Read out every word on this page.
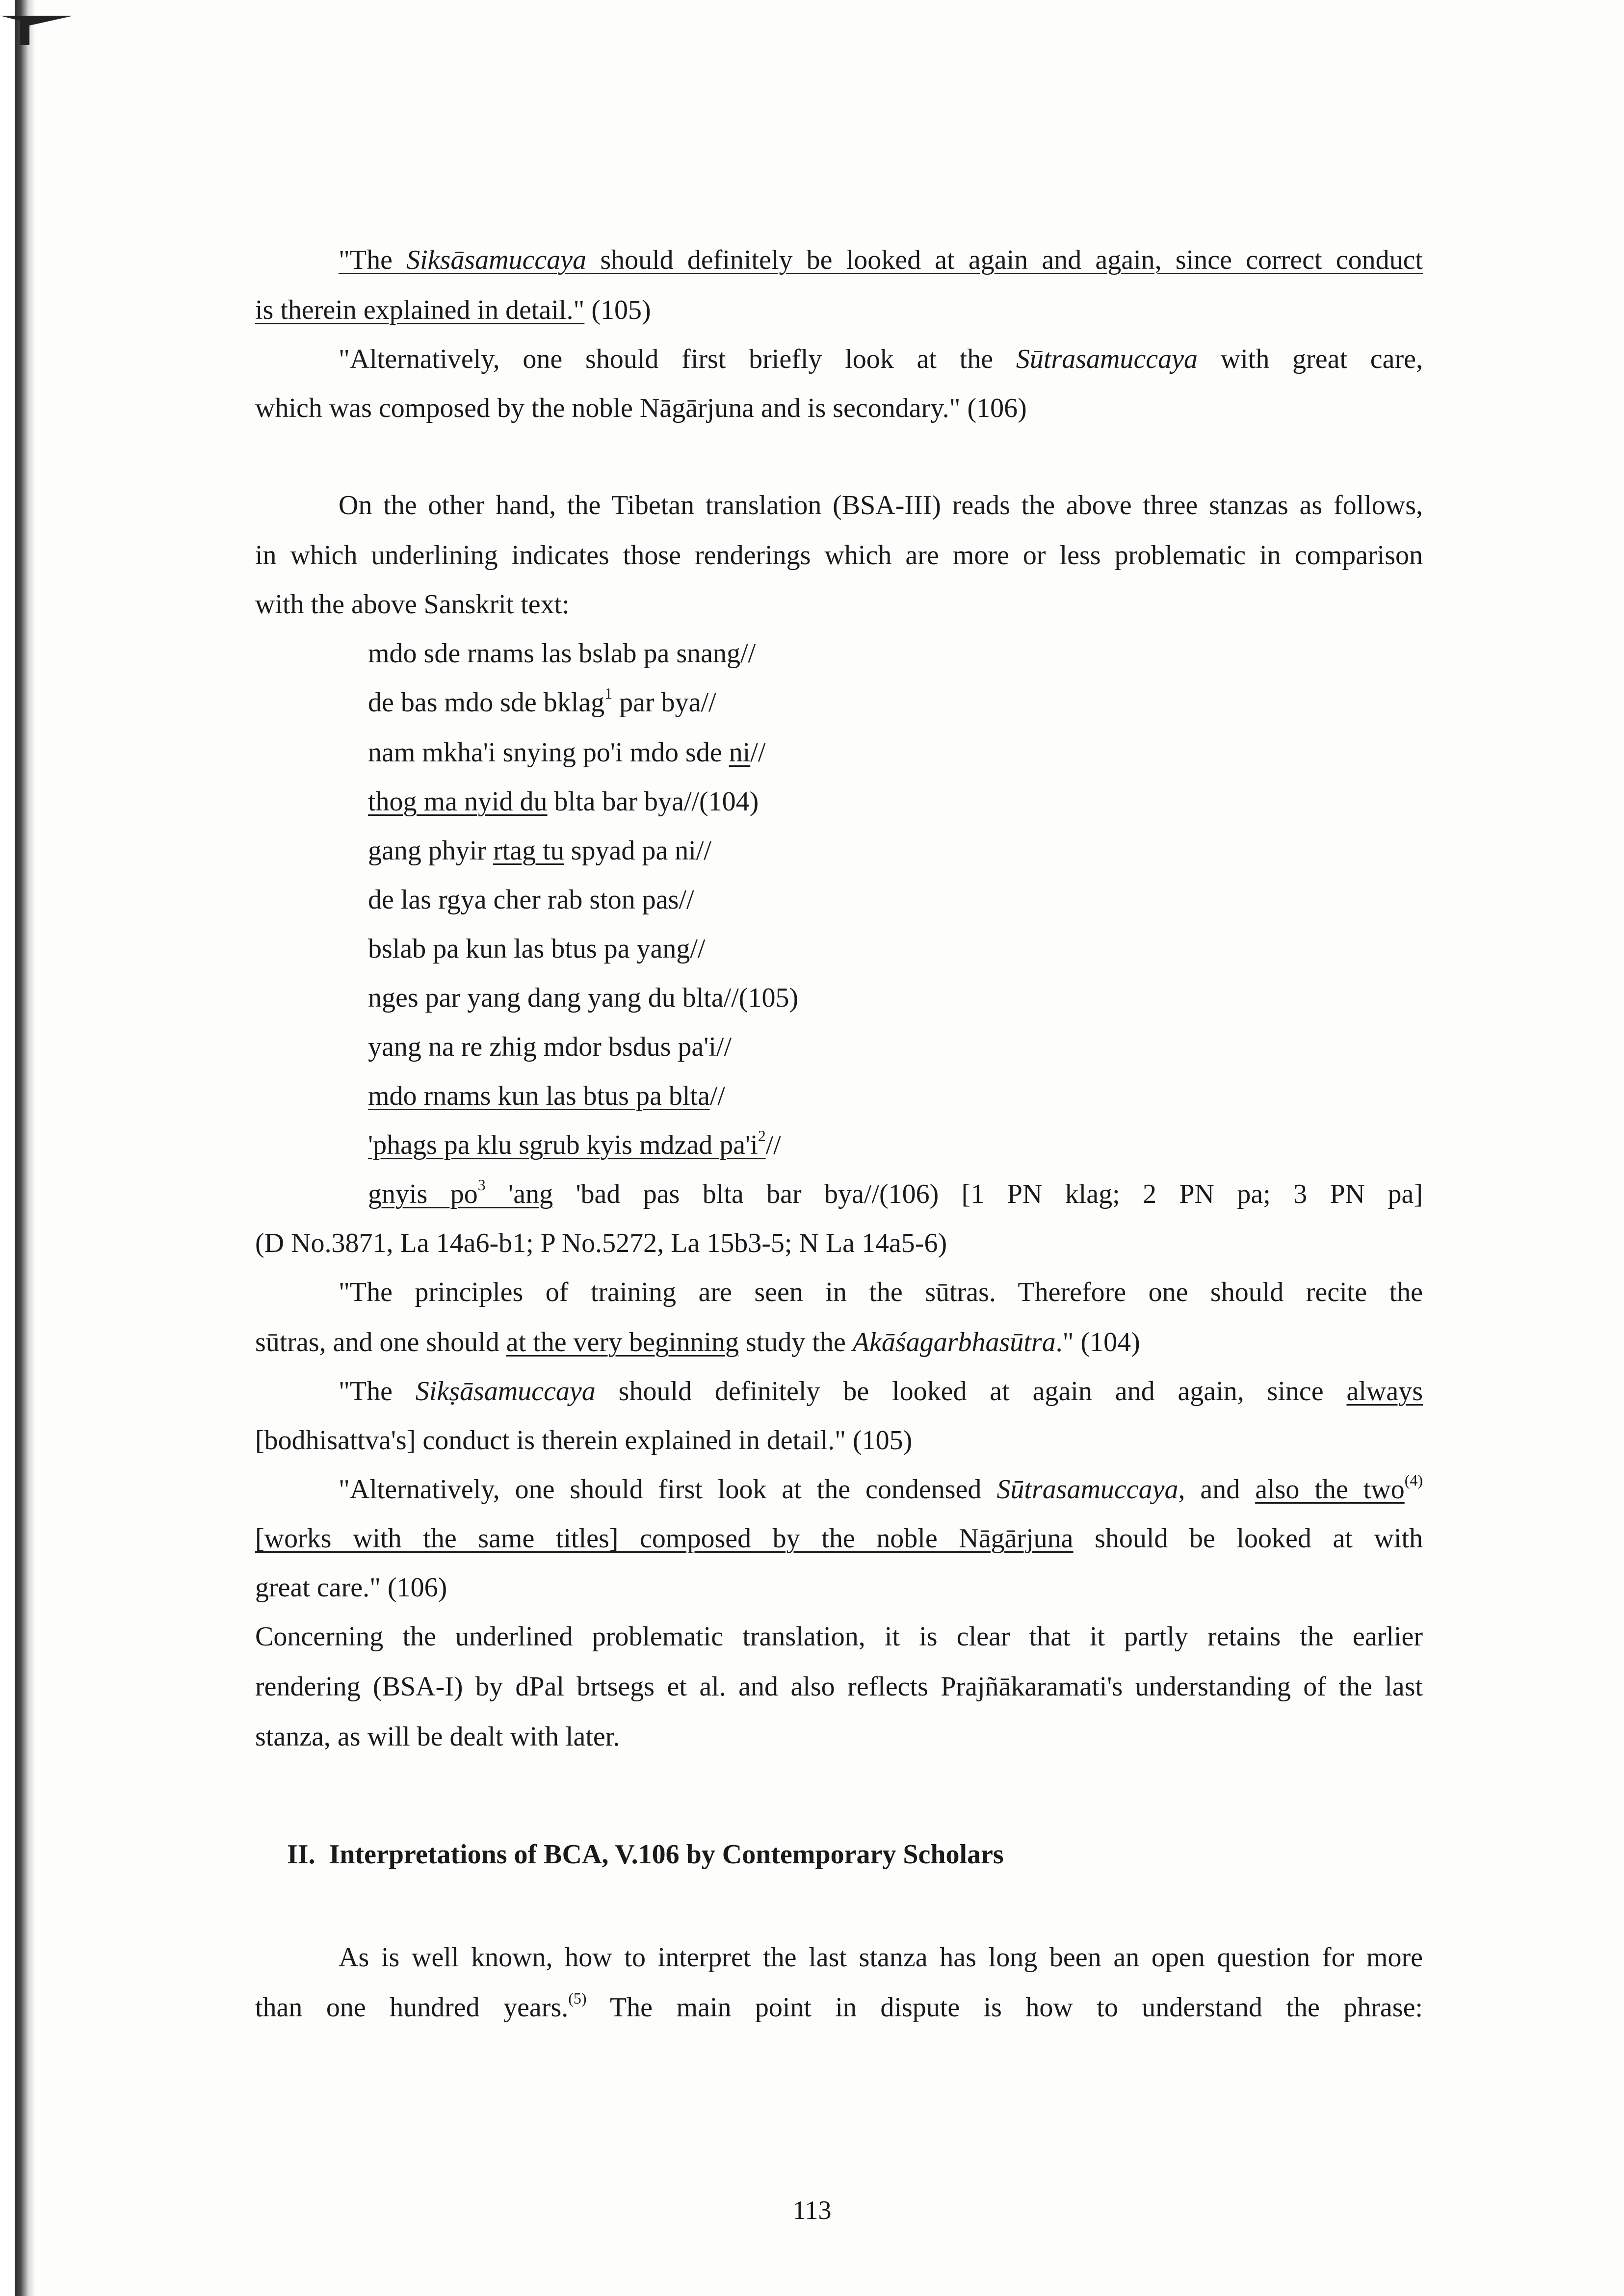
"The Siksāsamuccaya should definitely be looked at again and again, since correct conduct
is therein explained in detail." (105)
"Alternatively, one should first briefly look at the Sūtrasamuccaya with great care,
which was composed by the noble Nāgārjuna and is secondary." (106)
On the other hand, the Tibetan translation (BSA-III) reads the above three stanzas as follows,
in which underlining indicates those renderings which are more or less problematic in comparison
with the above Sanskrit text:
mdo sde rnams las bslab pa snang//
de bas mdo sde bklag$^1$ par bya//
nam mkha'i snying po'i mdo sde ni//
thog ma nyid du blta bar bya//(104)
gang phyir rtag tu spyad pa ni//
de las rgya cher rab ston pas//
bslab pa kun las btus pa yang//
nges par yang dang yang du blta//(105)
yang na re zhig mdor bsdus pa'i//
mdo rnams kun las btus pa blta//
'phags pa klu sgrub kyis mdzad $pa'i^2//$
gnyis $po^3$ 'ang 'bad pas blta bar bya//(106) [1 PN klag; 2 PN pa; 3 PN pa]
(D No.3871, La 14a6-b1; P No.5272, La 15b3-5; N La 14a5-6)
"The principles of training are seen in the sūtras. Therefore one should recite the
sūtras, and one should at the very beginning study the Akāśagarbhasūtra." (104)
"The Sikṣāsamuccaya should definitely be looked at again and again, since always
[bodhisattva's] conduct is therein explained in detail." (105)
"Alternatively, one should first look at the condensed Sūtrasamuccaya, and also the two$^{(4)}$
[works with the same titles] composed by the noble Nāgārjuna should be looked at with
great care." (106)
Concerning the underlined problematic translation, it is clear that it partly retains the earlier
rendering (BSA-I) by dPal brtsegs et al. and also reflects Prajñākaramati's understanding of the last
stanza, as will be dealt with later.
II. Interpretations of BCA, V.106 by Contemporary Scholars
As is well known, how to interpret the last stanza has long been an open question for more
than one hundred years.$^{(5)}$ The main point in dispute is how to understand the phrase:
113
